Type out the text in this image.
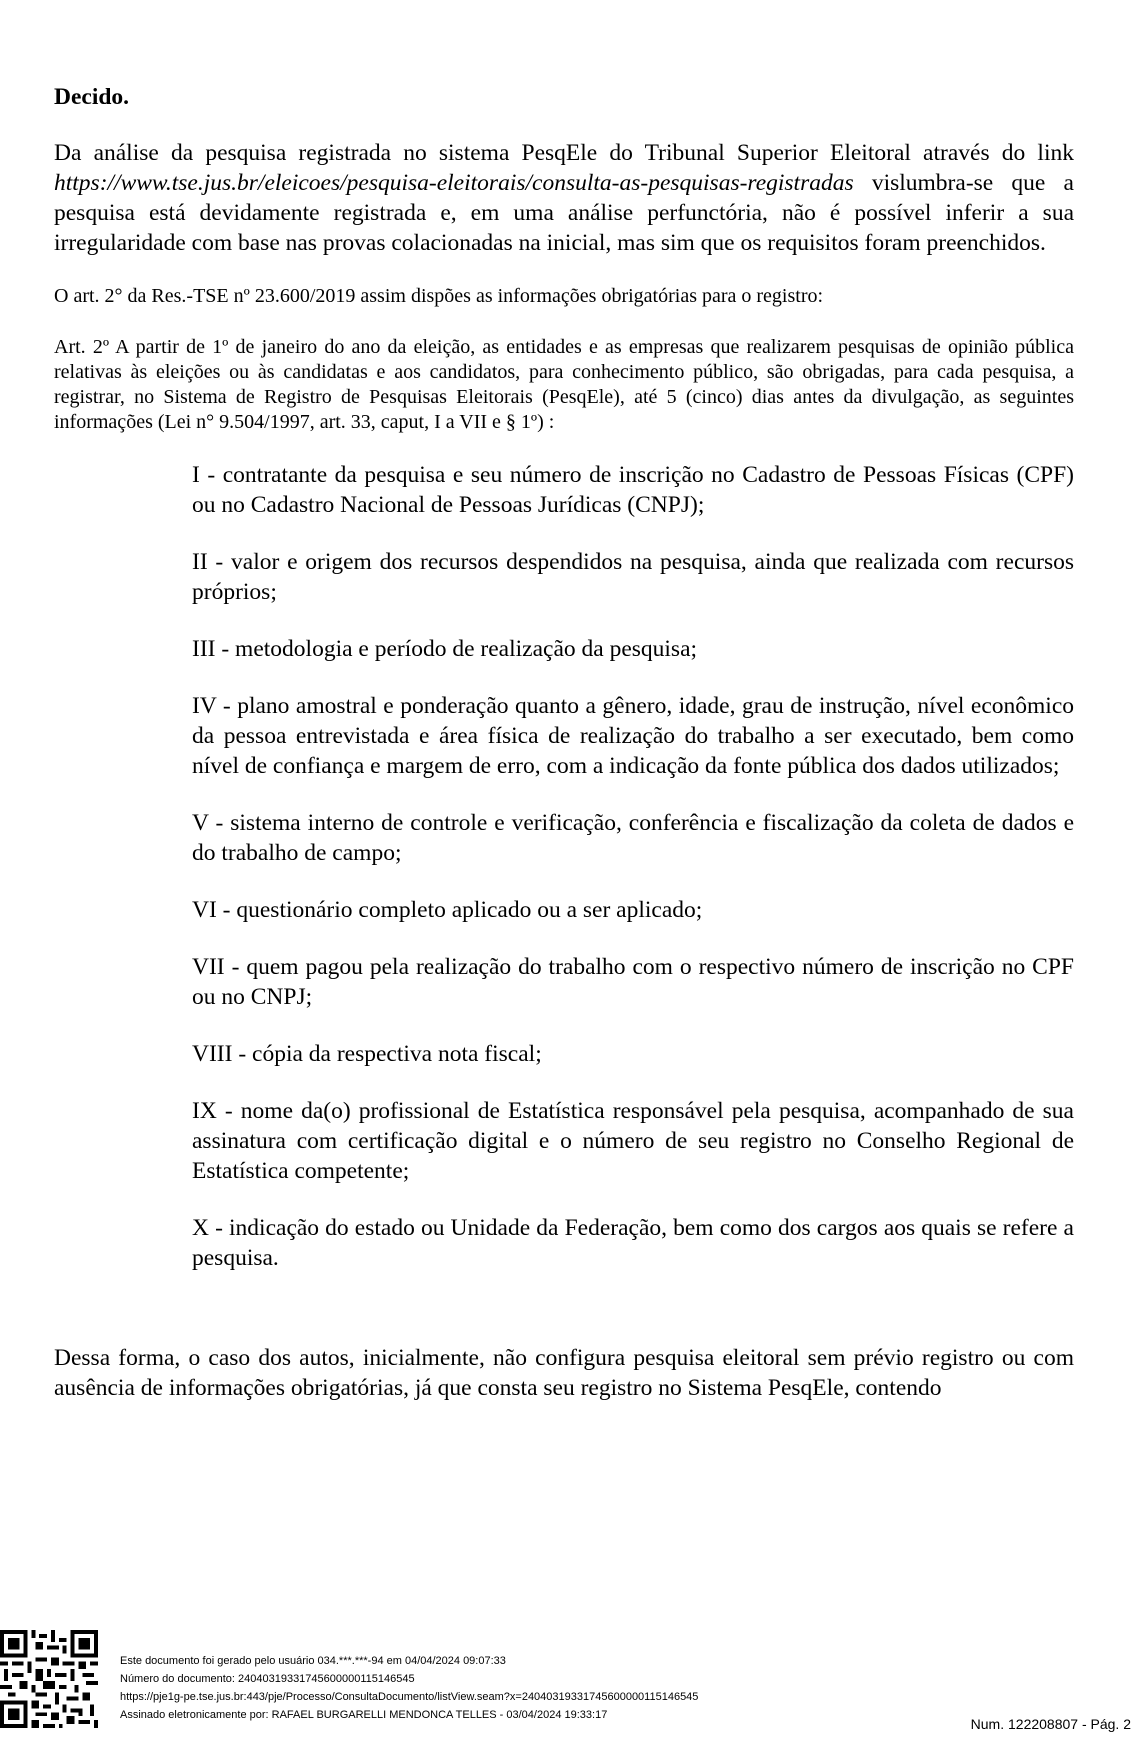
Decido.

Da análise da pesquisa registrada no sistema PesqEle do Tribunal Superior Eleitoral através do link https://www.tse.jus.br/eleicoes/pesquisa-eleitorais/consulta-as-pesquisas-registradas vislumbra-se que a pesquisa está devidamente registrada e, em uma análise perfunctória, não é possível inferir a sua irregularidade com base nas provas colacionadas na inicial, mas sim que os requisitos foram preenchidos.

O art. 2° da Res.-TSE nº 23.600/2019 assim dispões as informações obrigatórias para o registro:

Art. 2º A partir de 1º de janeiro do ano da eleição, as entidades e as empresas que realizarem pesquisas de opinião pública relativas às eleições ou às candidatas e aos candidatos, para conhecimento público, são obrigadas, para cada pesquisa, a registrar, no Sistema de Registro de Pesquisas Eleitorais (PesqEle), até 5 (cinco) dias antes da divulgação, as seguintes informações (Lei n° 9.504/1997, art. 33, caput, I a VII e § 1º) :

I - contratante da pesquisa e seu número de inscrição no Cadastro de Pessoas Físicas (CPF) ou no Cadastro Nacional de Pessoas Jurídicas (CNPJ);

II - valor e origem dos recursos despendidos na pesquisa, ainda que realizada com recursos próprios;

III - metodologia e período de realização da pesquisa;

IV - plano amostral e ponderação quanto a gênero, idade, grau de instrução, nível econômico da pessoa entrevistada e área física de realização do trabalho a ser executado, bem como nível de confiança e margem de erro, com a indicação da fonte pública dos dados utilizados;

V - sistema interno de controle e verificação, conferência e fiscalização da coleta de dados e do trabalho de campo;

VI - questionário completo aplicado ou a ser aplicado;

VII - quem pagou pela realização do trabalho com o respectivo número de inscrição no CPF ou no CNPJ;

VIII - cópia da respectiva nota fiscal;

IX - nome da(o) profissional de Estatística responsável pela pesquisa, acompanhado de sua assinatura com certificação digital e o número de seu registro no Conselho Regional de Estatística competente;

X - indicação do estado ou Unidade da Federação, bem como dos cargos aos quais se refere a pesquisa.

Dessa forma, o caso dos autos, inicialmente, não configura pesquisa eleitoral sem prévio registro ou com ausência de informações obrigatórias, já que consta seu registro no Sistema PesqEle, contendo

Este documento foi gerado pelo usuário 034.***.***-94 em 04/04/2024 09:07:33
Número do documento: 24040319331745600000115146545
https://pje1g-pe.tse.jus.br:443/pje/Processo/ConsultaDocumento/listView.seam?x=24040319331745600000115146545
Assinado eletronicamente por: RAFAEL BURGARELLI MENDONCA TELLES - 03/04/2024 19:33:17
Num. 122208807 - Pág. 2
